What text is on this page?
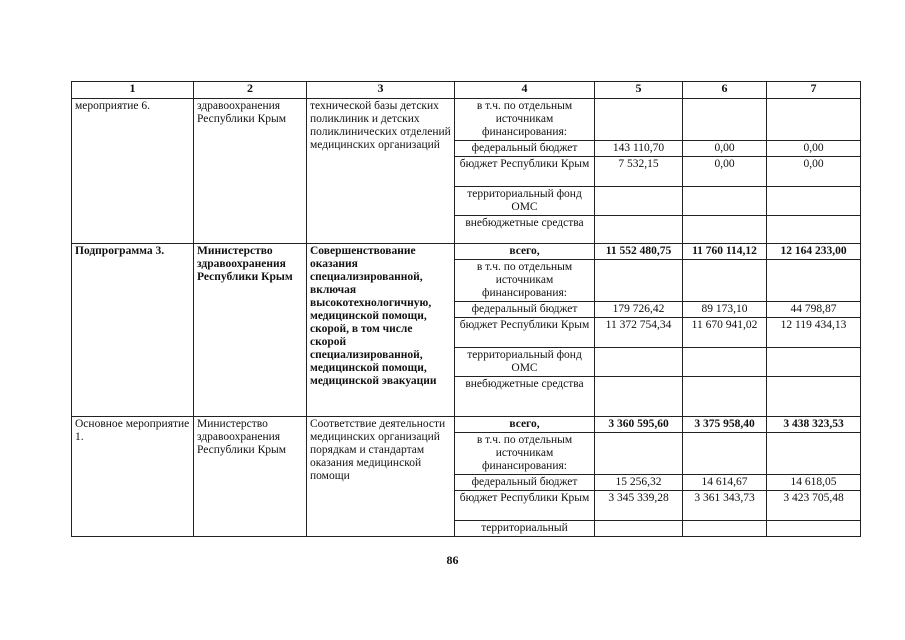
1	2	3	4	5	6	7
мероприятие 6.	здравоохранения Республики Крым	технической базы детских поликлиник и детских поликлинических отделений медицинских организаций	в т.ч. по отдельным источникам финансирования:			
			федеральный бюджет	143 110,70	0,00	0,00
			бюджет Республики Крым	7 532,15	0,00	0,00
			территориальный фонд ОМС			
			внебюджетные средства			
Подпрограмма 3.	Министерство здравоохранения Республики Крым	Совершенствование оказания специализированной, включая высокотехнологичную, медицинской помощи, скорой, в том числе скорой специализированной, медицинской помощи, медицинской эвакуации	всего,	11 552 480,75	11 760 114,12	12 164 233,00
			в т.ч. по отдельным источникам финансирования:			
			федеральный бюджет	179 726,42	89 173,10	44 798,87
			бюджет Республики Крым	11 372 754,34	11 670 941,02	12 119 434,13
			территориальный фонд ОМС			
			внебюджетные средства			
Основное мероприятие 1.	Министерство здравоохранения Республики Крым	Соответствие деятельности медицинских организаций порядкам и стандартам оказания медицинской помощи	всего,	3 360 595,60	3 375 958,40	3 438 323,53
			в т.ч. по отдельным источникам финансирования:			
			федеральный бюджет	15 256,32	14 614,67	14 618,05
			бюджет Республики Крым	3 345 339,28	3 361 343,73	3 423 705,48
			территориальный			
86
